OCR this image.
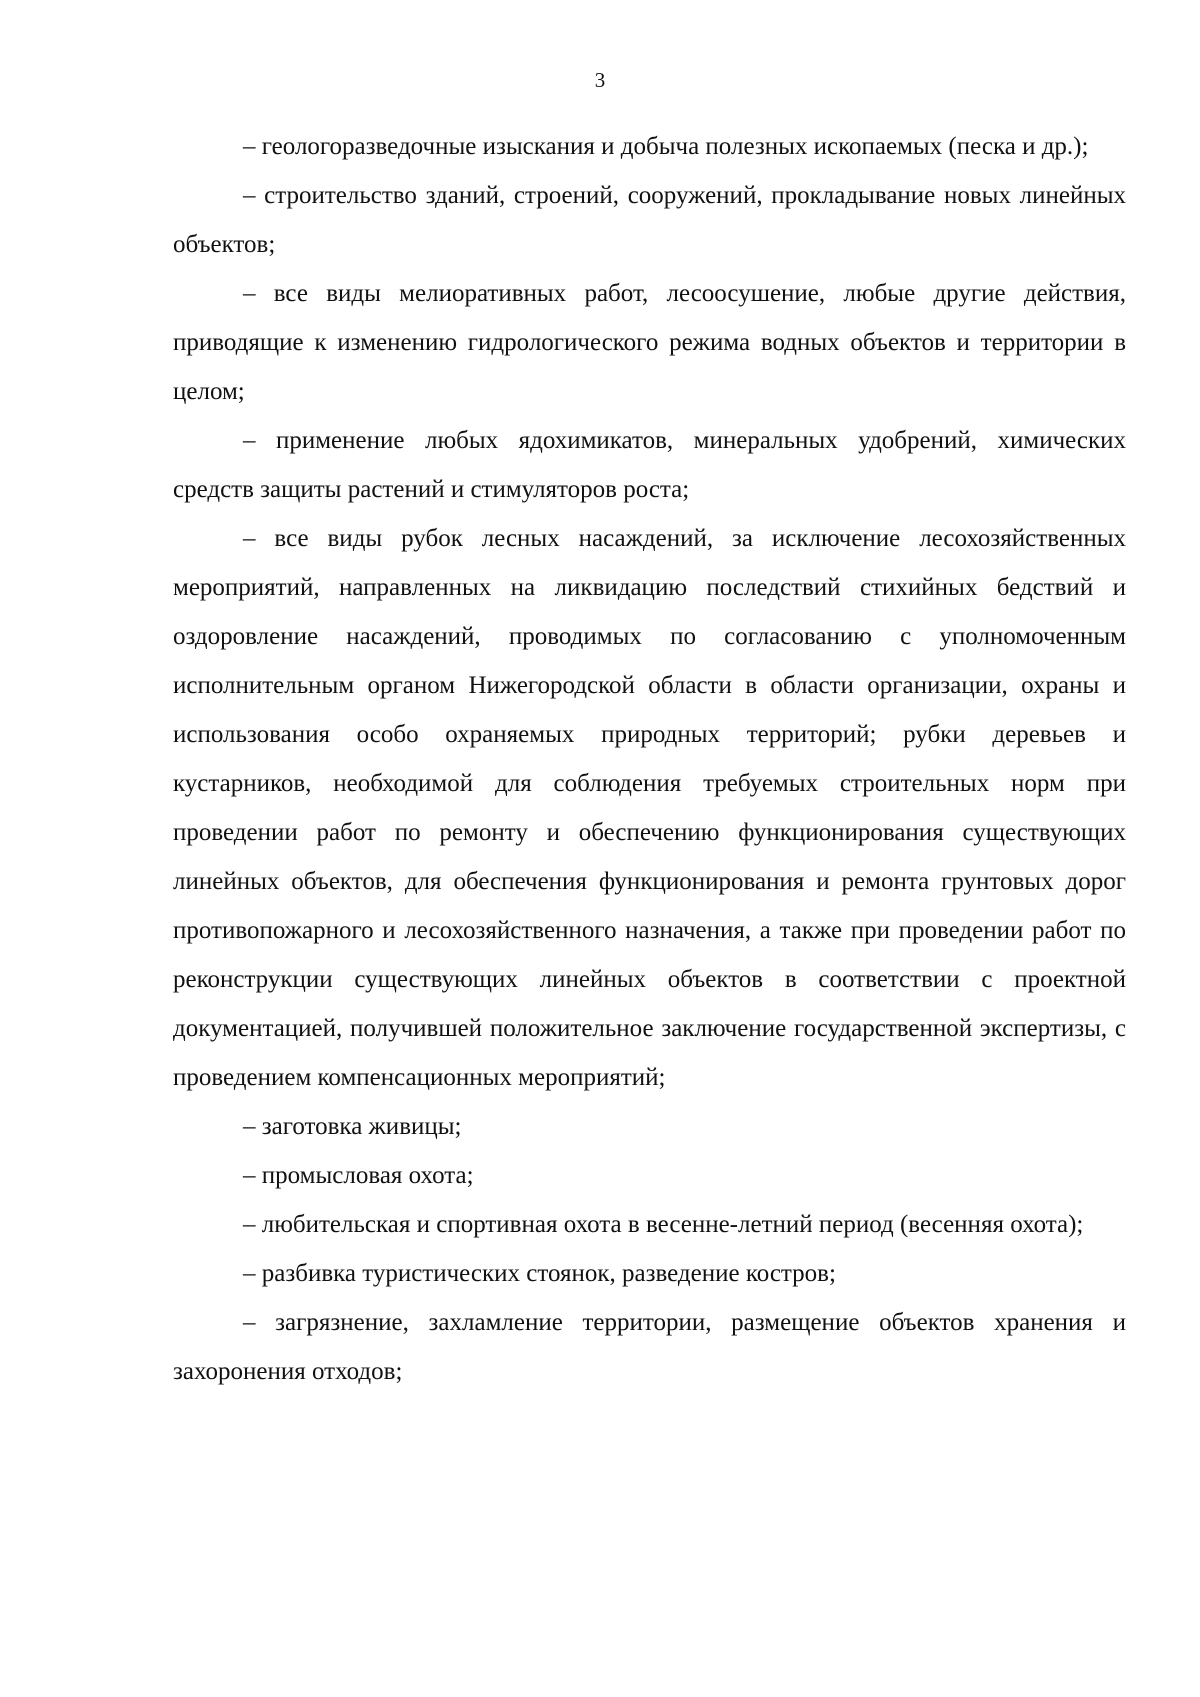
3

– геологоразведочные изыскания и добыча полезных ископаемых (песка и др.);

– строительство зданий, строений, сооружений, прокладывание новых линейных объектов;

– все виды мелиоративных работ, лесоосушение, любые другие действия, приводящие к изменению гидрологического режима водных объектов и территории в целом;

– применение любых ядохимикатов, минеральных удобрений, химических средств защиты растений и стимуляторов роста;

– все виды рубок лесных насаждений, за исключение лесохозяйственных мероприятий, направленных на ликвидацию последствий стихийных бедствий и оздоровление насаждений, проводимых по согласованию с уполномоченным исполнительным органом Нижегородской области в области организации, охраны и использования особо охраняемых природных территорий; рубки деревьев и кустарников, необходимой для соблюдения требуемых строительных норм при проведении работ по ремонту и обеспечению функционирования существующих линейных объектов, для обеспечения функционирования и ремонта грунтовых дорог противопожарного и лесохозяйственного назначения, а также при проведении работ по реконструкции существующих линейных объектов в соответствии с проектной документацией, получившей положительное заключение государственной экспертизы, с проведением компенсационных мероприятий;

– заготовка живицы;

– промысловая охота;

– любительская и спортивная охота в весенне-летний период (весенняя охота);

– разбивка туристических стоянок, разведение костров;

– загрязнение, захламление территории, размещение объектов хранения и захоронения отходов;
